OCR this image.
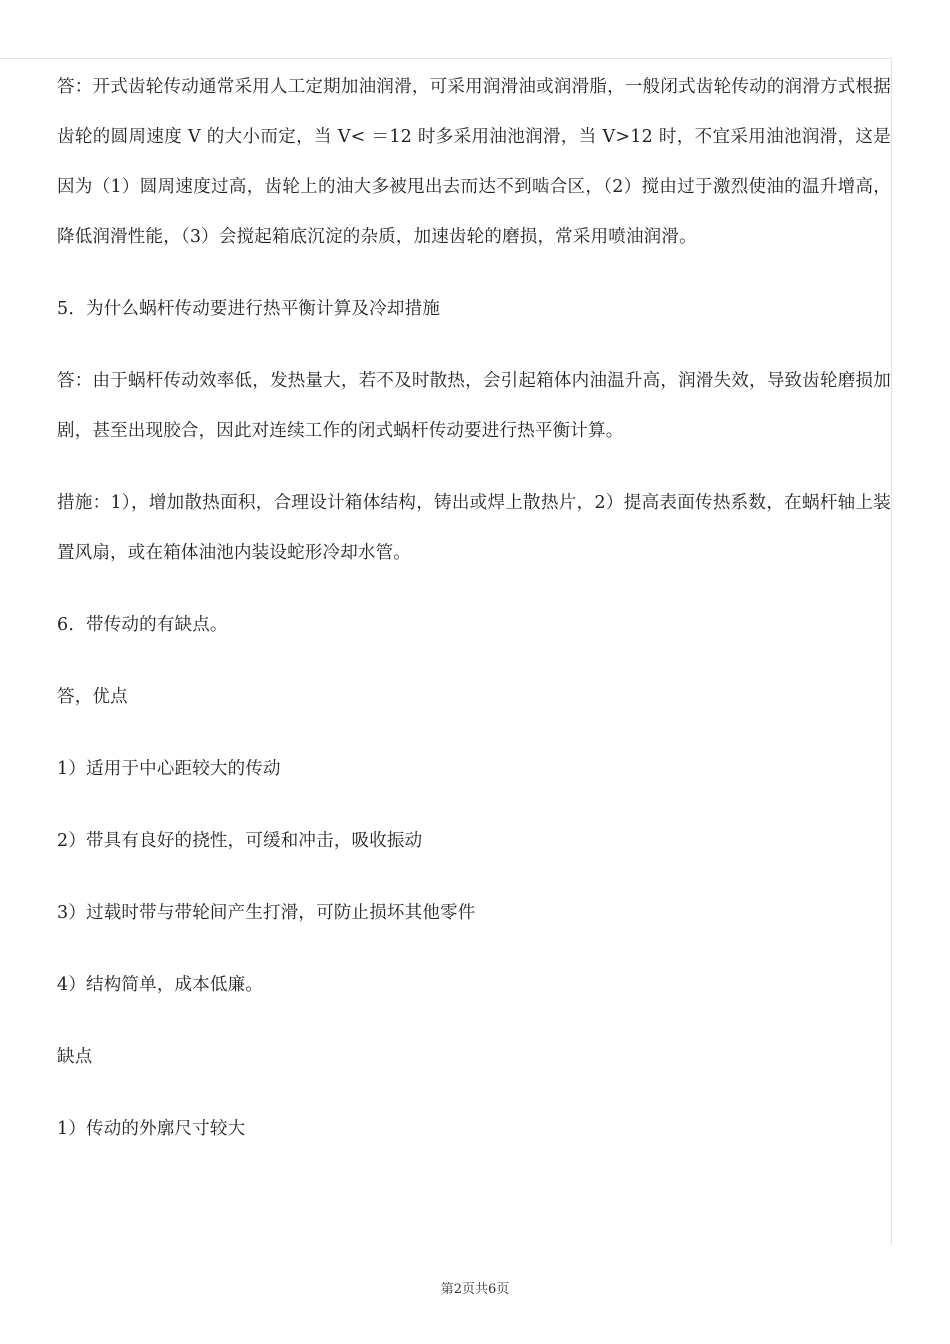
答：开式齿轮传动通常采用人工定期加油润滑，可采用润滑油或润滑脂，一般闭式齿轮传动的润滑方式根据齿轮的圆周速度 V 的大小而定，当 V< ＝12 时多采用油池润滑，当 V>12 时，不宜采用油池润滑，这是因为（1）圆周速度过高，齿轮上的油大多被甩出去而达不到啮合区，（2）搅由过于激烈使油的温升增高，降低润滑性能，（3）会搅起箱底沉淀的杂质，加速齿轮的磨损，常采用喷油润滑。

5．为什么蜗杆传动要进行热平衡计算及冷却措施

答：由于蜗杆传动效率低，发热量大，若不及时散热，会引起箱体内油温升高，润滑失效，导致齿轮磨损加剧，甚至出现胶合，因此对连续工作的闭式蜗杆传动要进行热平衡计算。

措施：1），增加散热面积，合理设计箱体结构，铸出或焊上散热片，2）提高表面传热系数，在蜗杆轴上装置风扇，或在箱体油池内装设蛇形冷却水管。

6．带传动的有缺点。

答，优点

1）适用于中心距较大的传动

2）带具有良好的挠性，可缓和冲击，吸收振动

3）过载时带与带轮间产生打滑，可防止损坏其他零件

4）结构简单，成本低廉。

缺点

1）传动的外廓尺寸较大

第2页共6页
